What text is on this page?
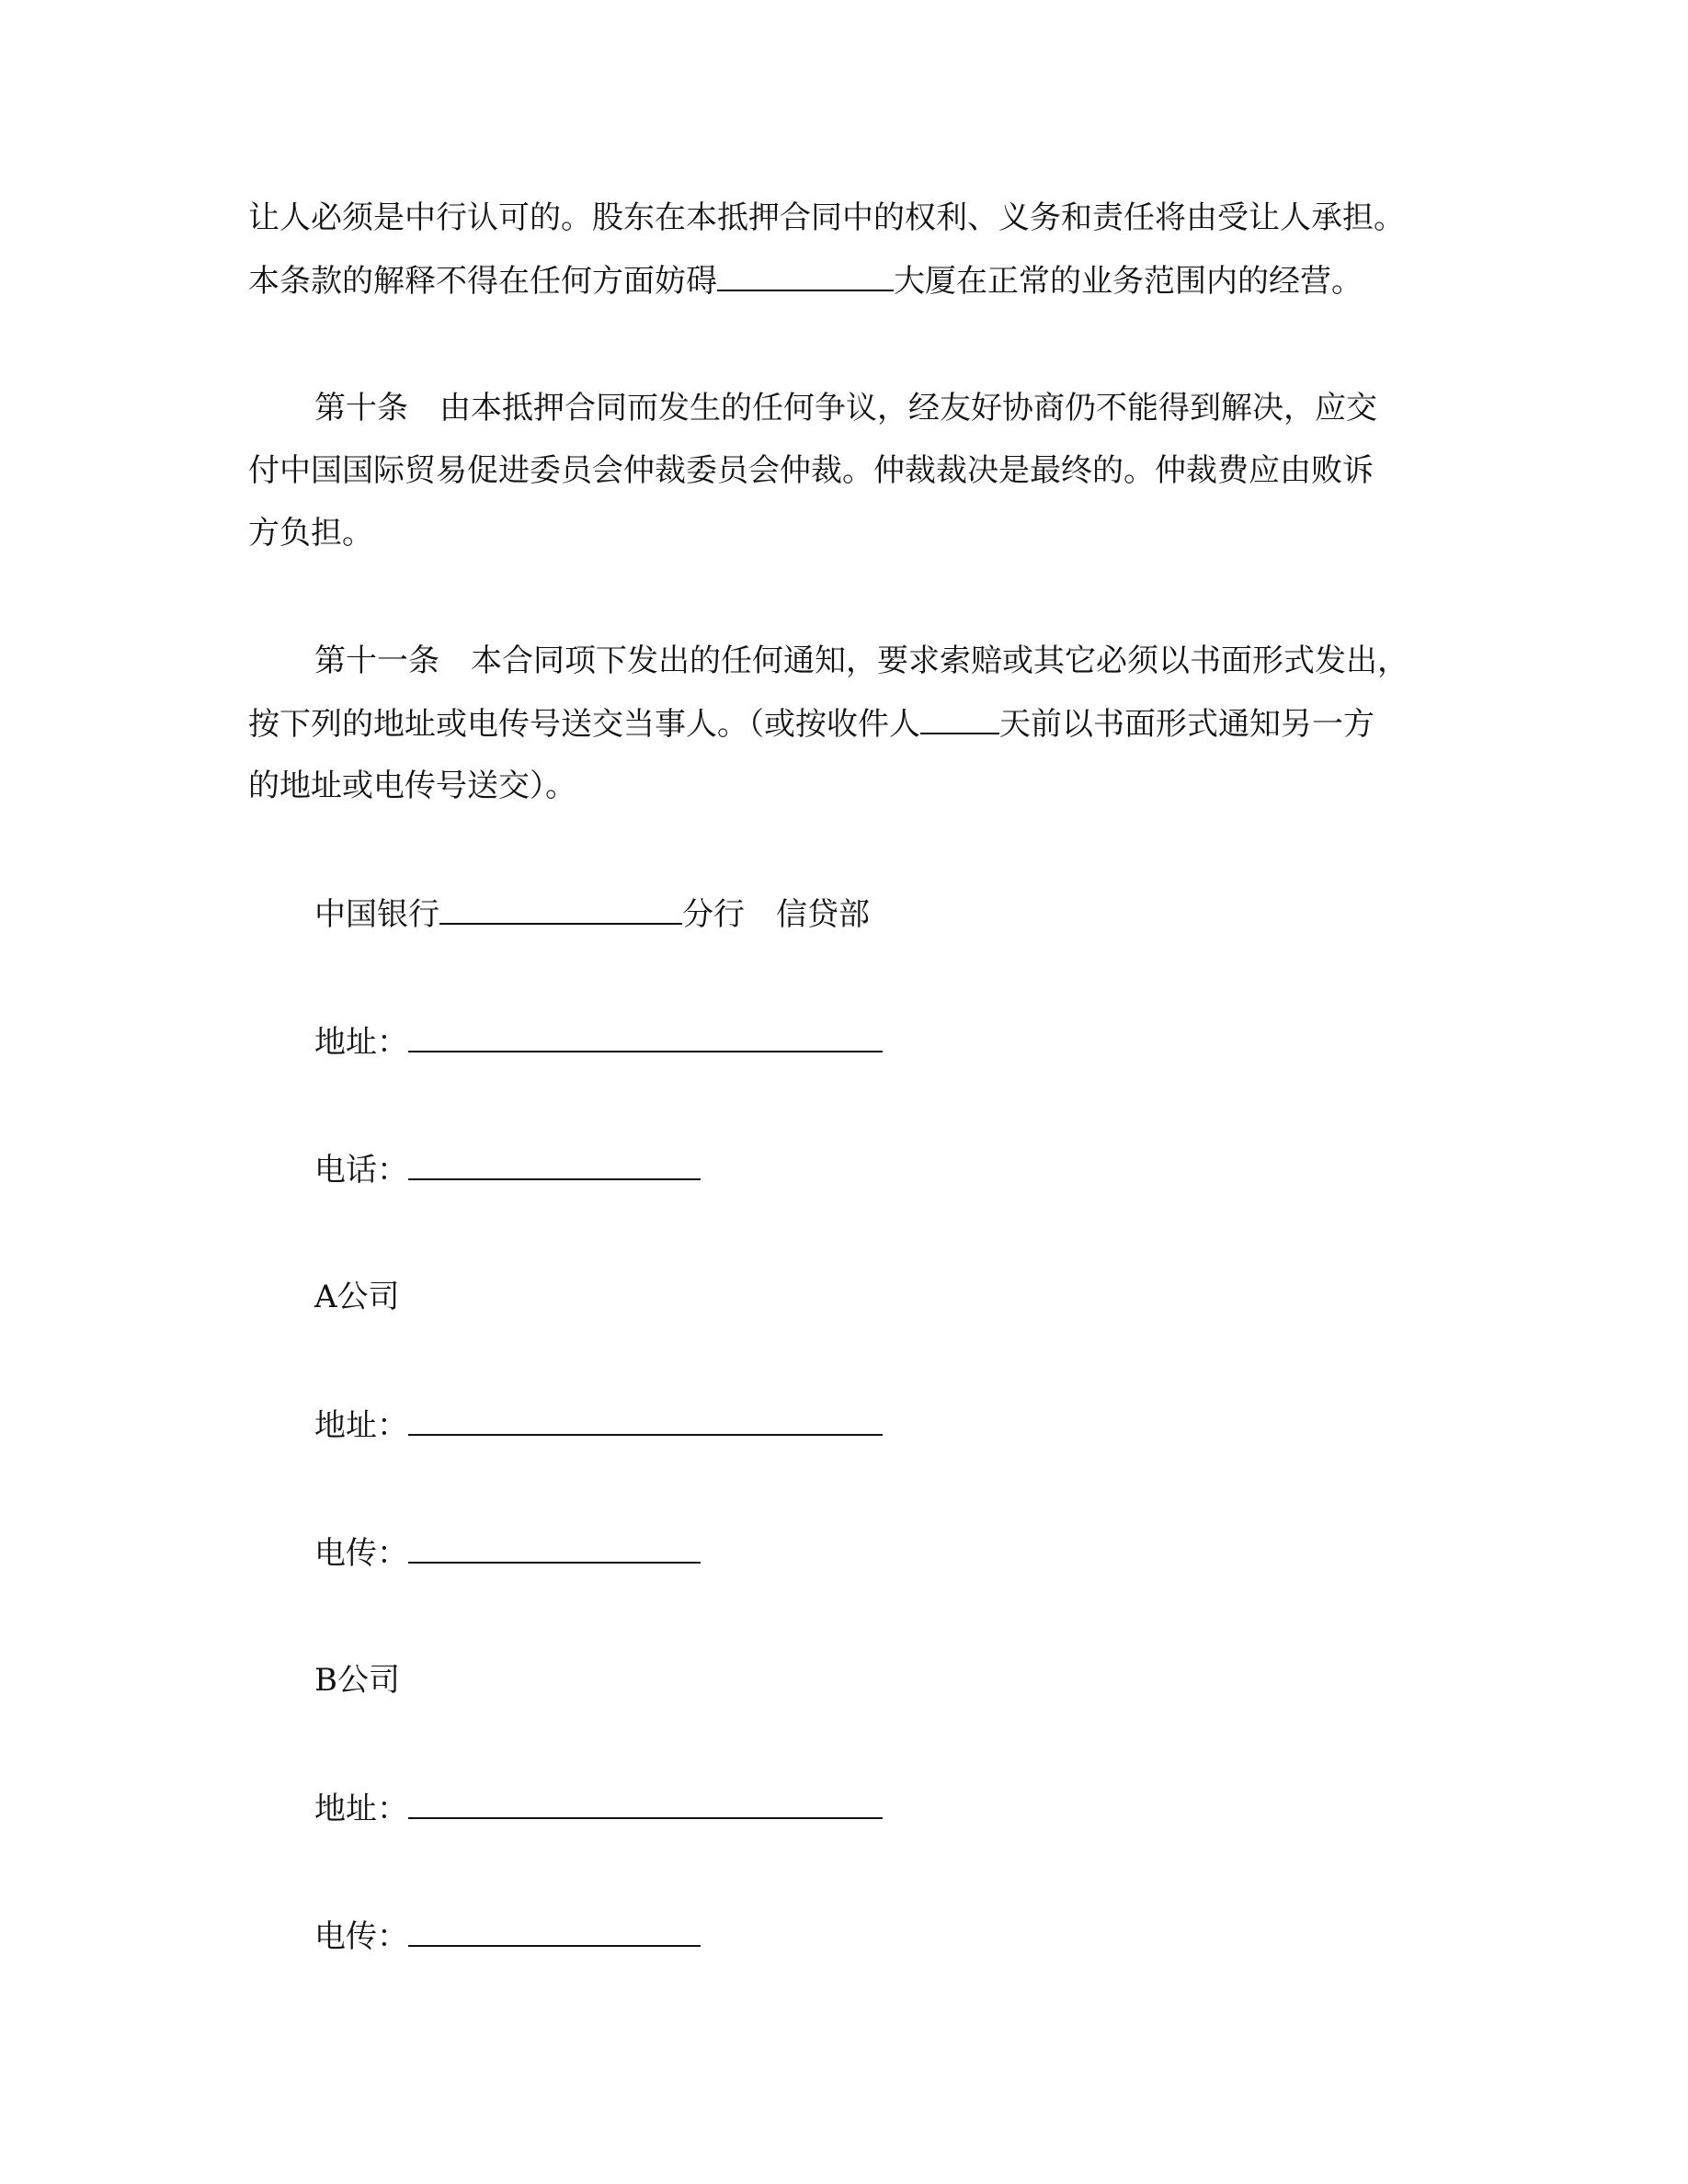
让人必须是中行认可的。股东在本抵押合同中的权利、义务和责任将由受让人承担。
本条款的解释不得在任何方面妨碍	大厦在正常的业务范围内的经营。
第十条 由本抵押合同而发生的任何争议，经友好协商仍不能得到解决，应交
付中国国际贸易促进委员会仲裁委员会仲裁。仲裁裁决是最终的。仲裁费应由败诉
方负担。
第十一条 本合同项下发出的任何通知，要求索赔或其它必须以书面形式发出，
按下列的地址或电传号送交当事人。（或按收件人	天前以书面形式通知另一方
的地址或电传号送交）。
中国银行	分行 信贷部
地址：
电话：
A公司
地址：
电传：
B公司
地址：
电传：
